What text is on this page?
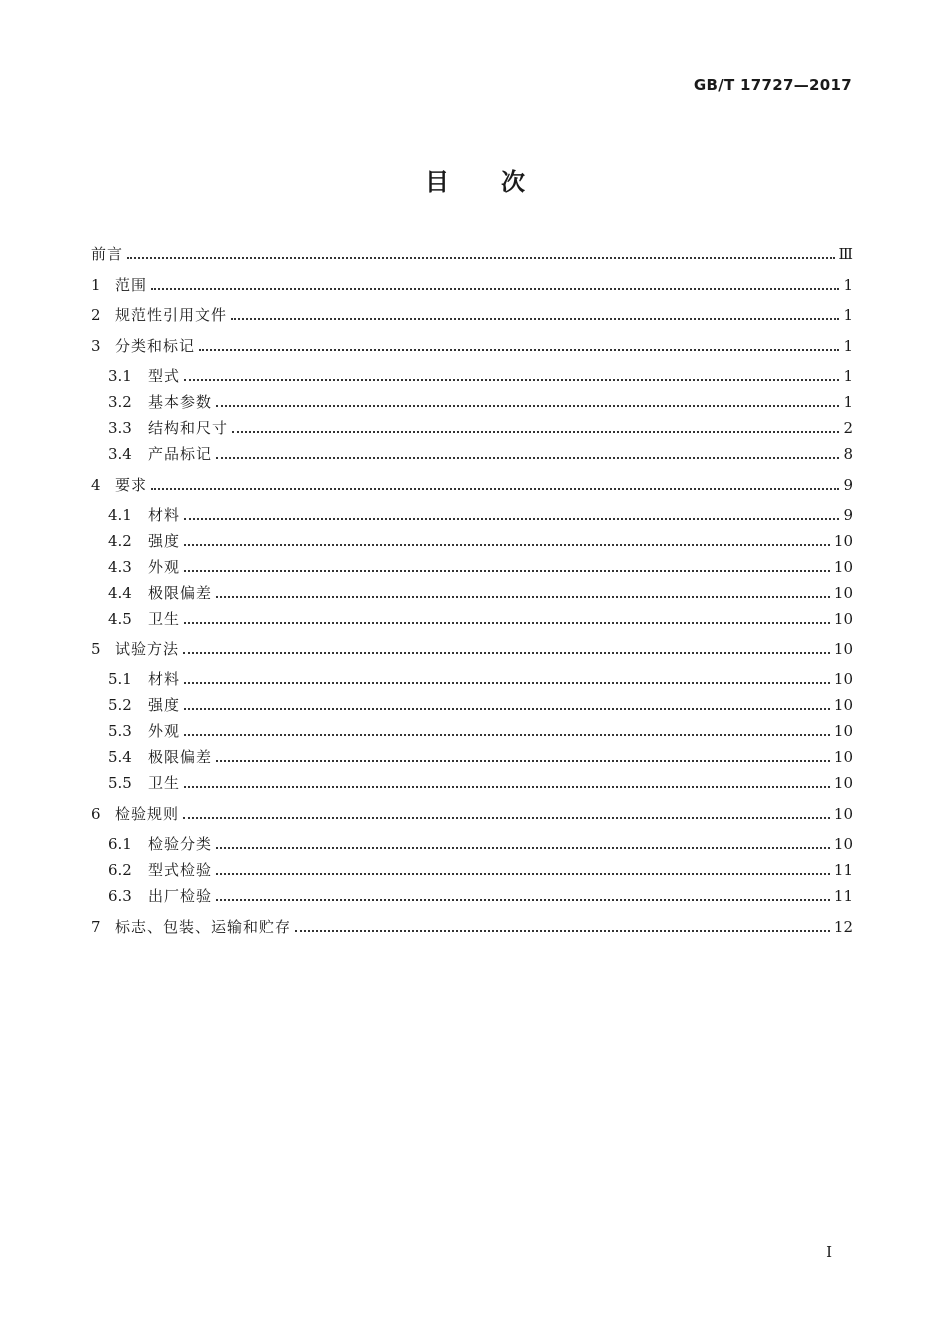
GB/T 17727—2017
目次
前言	Ⅲ
1 范围	1
2 规范性引用文件	1
3 分类和标记	1
3.1	型式	1
3.2	基本参数	1
3.3	结构和尺寸	2
3.4	产品标记	8
4 要求	9
4.1	材料	9
4.2	强度	10
4.3	外观	10
4.4	极限偏差	10
4.5	卫生	10
5 试验方法	10
5.1	材料	10
5.2	强度	10
5.3	外观	10
5.4	极限偏差	10
5.5	卫生	10
6 检验规则	10
6.1	检验分类	10
6.2	型式检验	11
6.3	出厂检验	11
7 标志、包装、运输和贮存	12
I
